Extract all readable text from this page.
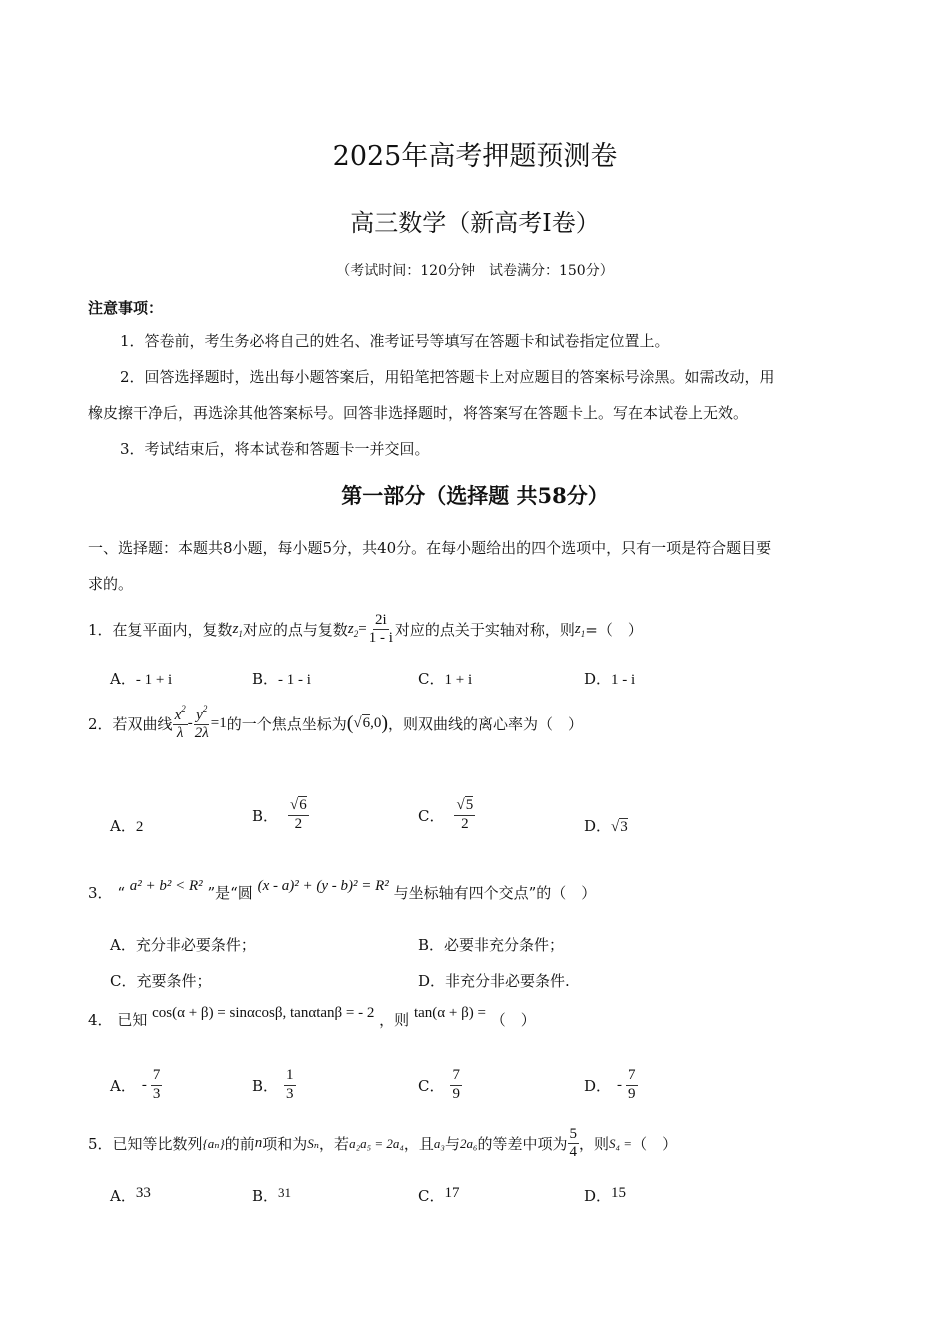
2025年高考押题预测卷
高三数学（新高考Ⅰ卷）
（考试时间：120分钟　试卷满分：150分）
注意事项：
1．答卷前，考生务必将自己的姓名、准考证号等填写在答题卡和试卷指定位置上。
2．回答选择题时，选出每小题答案后，用铅笔把答题卡上对应题目的答案标号涂黑。如需改动，用
橡皮擦干净后，再选涂其他答案标号。回答非选择题时，将答案写在答题卡上。写在本试卷上无效。
3．考试结束后，将本试卷和答题卡一并交回。
第一部分（选择题 共58分）
一、选择题：本题共8小题，每小题5分，共40分。在每小题给出的四个选项中，只有一项是符合题目要
求的。
1． 在复平面内，复数 $z_1$ 对应的点与复数 $z_2 = \frac{2i}{1 - i}$ 对应的点关于实轴对称，则 $z_1$ =（　）
A．- 1 + i	B．- 1 - i	C．1 + i	D．1 - i
2． 若双曲线 $\frac{x^2}{\lambda} - \frac{y^2}{2\lambda} =1$ 的一个焦点坐标为 (√6,0) ，则双曲线的离心率为（　）
A．2
B． $\frac{√6}{2}$	C． $\frac{√5}{2}$	D．√3
3． “ a² + b² < R² ”是“圆 (x - a)² + (y - b)² = R² 与坐标轴有四个交点”的（　）
A．充分非必要条件；	B．必要非充分条件；
C．充要条件；	D．非充分非必要条件.
4． 已知 cos(α + β) = sinαcosβ, tanαtanβ = - 2 ，则 tan(α + β) = （　）
A． - $\frac{7}{3}$	B． $\frac{1}{3}$	C． $\frac{7}{9}$	D． - $\frac{7}{9}$
5． 已知等比数列 {aₙ} 的前 n 项和为 Sₙ ，若 a₂a₅ = 2a₄ ，且 a₃ 与 2a₆ 的等差中项为 $\frac{5}{4}$ ，则 S₄ = （　）
A．33	B．31	C．17	D．15
